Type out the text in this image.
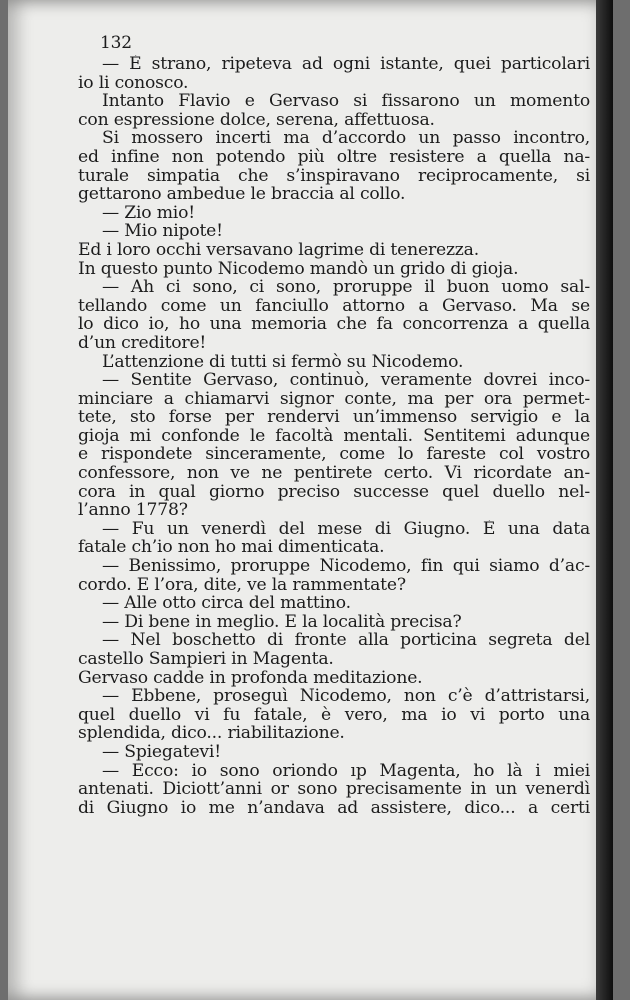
132
— È strano, ripeteva ad ogni istante, quei particolari
io li conosco.
Intanto Flavio e Gervaso si fissarono un momento
con espressione dolce, serena, affettuosa.
Si mossero incerti ma d’accordo un passo incontro,
ed infine non potendo più oltre resistere a quella na-
turale simpatia che s’inspiravano reciprocamente, si
gettarono ambedue le braccia al collo.
— Zio mio!
— Mio nipote!
Ed i loro occhi versavano lagrime di tenerezza.
In questo punto Nicodemo mandò un grido di gioja.
— Ah ci sono, ci sono, proruppe il buon uomo sal-
tellando come un fanciullo attorno a Gervaso. Ma se
lo dico io, ho una memoria che fa concorrenza a quella
d’un creditore!
L’attenzione di tutti si fermò su Nicodemo.
— Sentite Gervaso, continuò, veramente dovrei inco-
minciare a chiamarvi signor conte, ma per ora permet-
tete, sto forse per rendervi un’immenso servigio e la
gioja mi confonde le facoltà mentali. Sentitemi adunque
e rispondete sinceramente, come lo fareste col vostro
confessore, non ve ne pentirete certo. Vi ricordate an-
cora in qual giorno preciso successe quel duello nel-
l’anno 1778?
— Fu un venerdì del mese di Giugno. È una data
fatale ch’io non ho mai dimenticata.
— Benissimo, proruppe Nicodemo, fin qui siamo d’ac-
cordo. E l’ora, dite, ve la rammentate?
— Alle otto circa del mattino.
— Di bene in meglio. E la località precisa?
— Nel boschetto di fronte alla porticina segreta del
castello Sampieri in Magenta.
Gervaso cadde in profonda meditazione.
— Ebbene, proseguì Nicodemo, non c’è d’attristarsi,
quel duello vi fu fatale, è vero, ma io vi porto una
splendida, dico... riabilitazione.
— Spiegatevi!
— Ecco: io sono oriondo ıp Magenta, ho là i miei
antenati. Diciott’anni or sono precisamente in un venerdì
di Giugno io me n’andava ad assistere, dico... a certi
